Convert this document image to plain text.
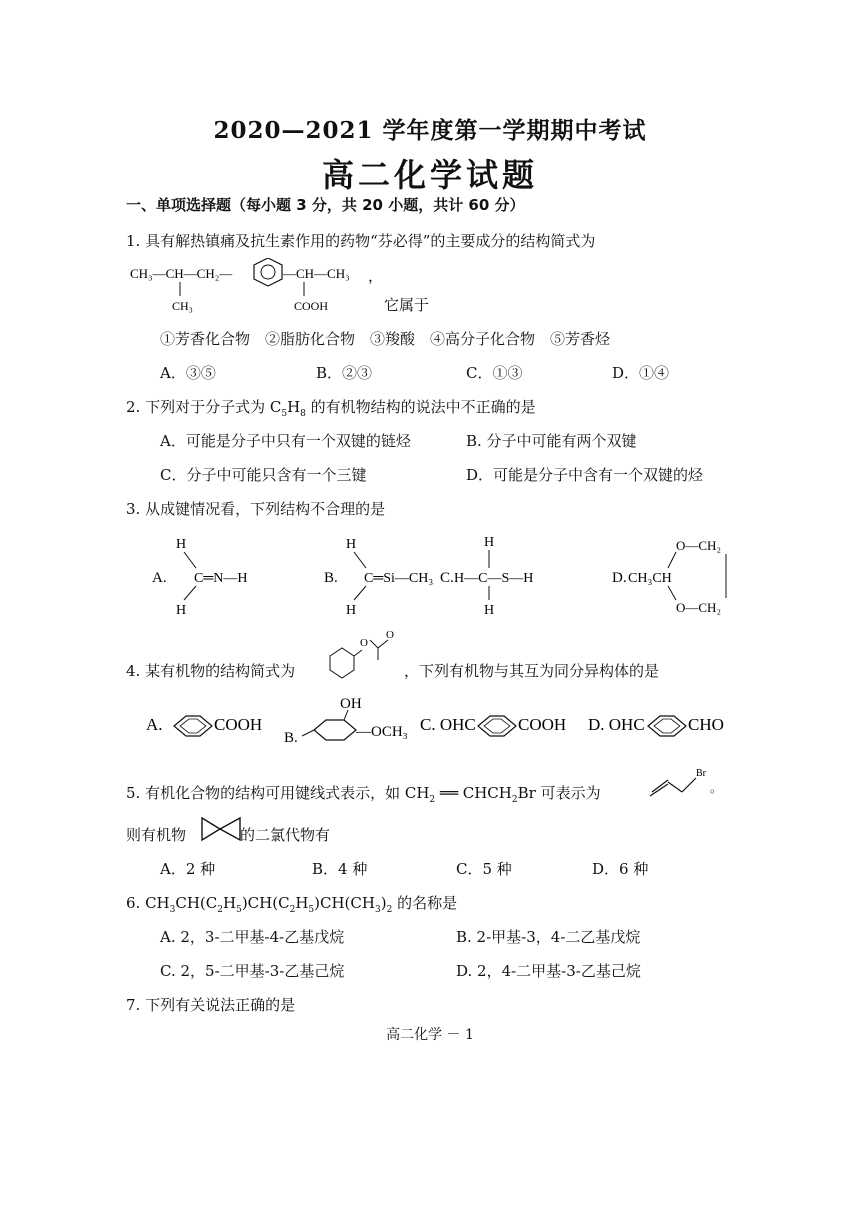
2020—2021 学年度第一学期期中考试
高二化学试题
一、单项选择题（每小题 3 分，共 20 小题，共计 60 分）
1. 具有解热镇痛及抗生素作用的药物“芬必得”的主要成分的结构简式为
CH₃—CH—CH₂—	—CH—CH₃
CH₃	COOH
，
它属于
①芳香化合物　②脂肪化合物　③羧酸　④高分子化合物　⑤芳香烃
A．③⑤	B．②③	C．①③	D．①④
2. 下列对于分子式为 $C_5H_8$ 的有机物结构的说法中不正确的是
A．可能是分子中只有一个双键的链烃	B. 分子中可能有两个双键
C．分子中可能只含有一个三键	D．可能是分子中含有一个双键的烃
3. 从成键情况看，下列结构不合理的是
A.
H
C═N—H
H
B.
H
C═Si—CH₃
H
C.
H
H—C—S—H
H
D. CH₃CH
O—CH₂
O—CH₂
4. 某有机物的结构简式为
O
O
，下列有机物与其互为同分异构体的是
A.	COOH
B.
OH
—OCH₃ C. OHC COOH D. OHC	CHO
5. 有机化合物的结构可用键线式表示，如 $CH_2$ ══ $CHCH_2Br$ 可表示为
Br
。
则有机物	的二氯代物有
A．2 种	B．4 种	C．5 种	D．6 种
6. $CH_3CH(C_2H_5)CH(C_2H_5)CH(CH_3)_2$ 的名称是
A. 2，3-二甲基-4-乙基戊烷	B. 2-甲基-3，4-二乙基戊烷
C. 2，5-二甲基-3-乙基己烷	D. 2，4-二甲基-3-乙基己烷
7. 下列有关说法正确的是
高二化学 － 1
